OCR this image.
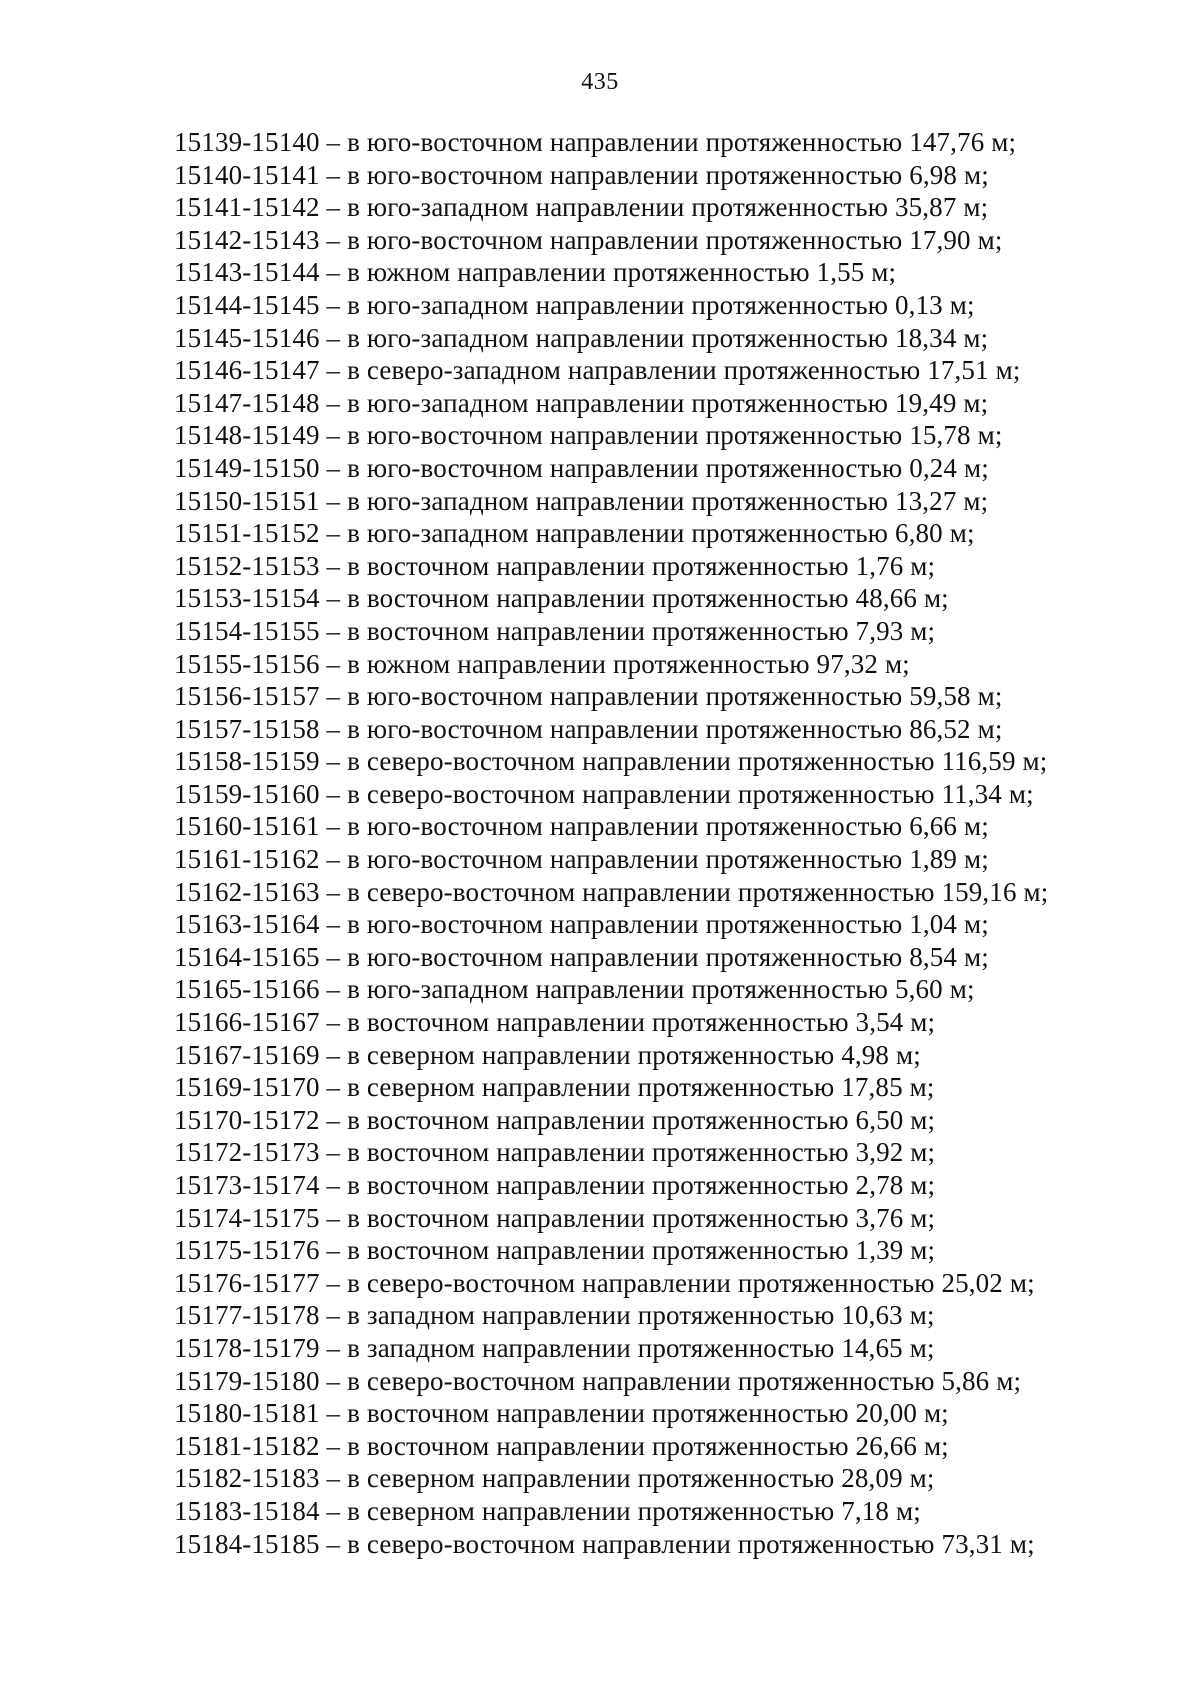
435
15139-15140 – в юго-восточном направлении протяженностью 147,76 м;
15140-15141 – в юго-восточном направлении протяженностью 6,98 м;
15141-15142 – в юго-западном направлении протяженностью 35,87 м;
15142-15143 – в юго-восточном направлении протяженностью 17,90 м;
15143-15144 – в южном направлении протяженностью 1,55 м;
15144-15145 – в юго-западном направлении протяженностью 0,13 м;
15145-15146 – в юго-западном направлении протяженностью 18,34 м;
15146-15147 – в северо-западном направлении протяженностью 17,51 м;
15147-15148 – в юго-западном направлении протяженностью 19,49 м;
15148-15149 – в юго-восточном направлении протяженностью 15,78 м;
15149-15150 – в юго-восточном направлении протяженностью 0,24 м;
15150-15151 – в юго-западном направлении протяженностью 13,27 м;
15151-15152 – в юго-западном направлении протяженностью 6,80 м;
15152-15153 – в восточном направлении протяженностью 1,76 м;
15153-15154 – в восточном направлении протяженностью 48,66 м;
15154-15155 – в восточном направлении протяженностью 7,93 м;
15155-15156 – в южном направлении протяженностью 97,32 м;
15156-15157 – в юго-восточном направлении протяженностью 59,58 м;
15157-15158 – в юго-восточном направлении протяженностью 86,52 м;
15158-15159 – в северо-восточном направлении протяженностью 116,59 м;
15159-15160 – в северо-восточном направлении протяженностью 11,34 м;
15160-15161 – в юго-восточном направлении протяженностью 6,66 м;
15161-15162 – в юго-восточном направлении протяженностью 1,89 м;
15162-15163 – в северо-восточном направлении протяженностью 159,16 м;
15163-15164 – в юго-восточном направлении протяженностью 1,04 м;
15164-15165 – в юго-восточном направлении протяженностью 8,54 м;
15165-15166 – в юго-западном направлении протяженностью 5,60 м;
15166-15167 – в восточном направлении протяженностью 3,54 м;
15167-15169 – в северном направлении протяженностью 4,98 м;
15169-15170 – в северном направлении протяженностью 17,85 м;
15170-15172 – в восточном направлении протяженностью 6,50 м;
15172-15173 – в восточном направлении протяженностью 3,92 м;
15173-15174 – в восточном направлении протяженностью 2,78 м;
15174-15175 – в восточном направлении протяженностью 3,76 м;
15175-15176 – в восточном направлении протяженностью 1,39 м;
15176-15177 – в северо-восточном направлении протяженностью 25,02 м;
15177-15178 – в западном направлении протяженностью 10,63 м;
15178-15179 – в западном направлении протяженностью 14,65 м;
15179-15180 – в северо-восточном направлении протяженностью 5,86 м;
15180-15181 – в восточном направлении протяженностью 20,00 м;
15181-15182 – в восточном направлении протяженностью 26,66 м;
15182-15183 – в северном направлении протяженностью 28,09 м;
15183-15184 – в северном направлении протяженностью 7,18 м;
15184-15185 – в северо-восточном направлении протяженностью 73,31 м;
